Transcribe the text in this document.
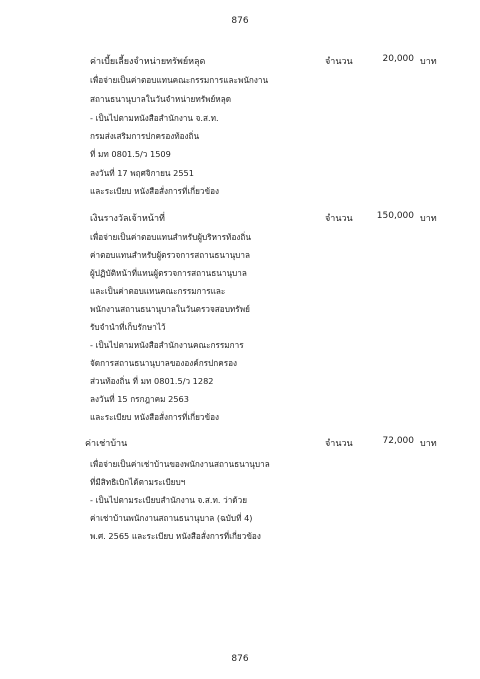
876
ค่าเบี้ยเลี้ยงจำหน่ายทรัพย์หลุด	จำนวน	20,000 บาท
เพื่อจ่ายเป็นค่าตอบแทนคณะกรรมการและพนักงาน
สถานธนานุบาลในวันจำหน่ายทรัพย์หลุด
- เป็นไปตามหนังสือสำนักงาน จ.ส.ท.
กรมส่งเสริมการปกครองท้องถิ่น
ที่ มท 0801.5/ว 1509
ลงวันที่ 17 พฤศจิกายน 2551
และระเบียบ หนังสือสั่งการที่เกี่ยวข้อง
เงินรางวัลเจ้าหน้าที่	จำนวน	150,000 บาท
เพื่อจ่ายเป็นค่าตอบแทนสำหรับผู้บริหารท้องถิ่น
ค่าตอบแทนสำหรับผู้ตรวจการสถานธนานุบาล
ผู้ปฏิบัติหน้าที่แทนผู้ตรวจการสถานธนานุบาล
และเป็นค่าตอบแทนคณะกรรมการและ
พนักงานสถานธนานุบาลในวันตรวจสอบทรัพย์
รับจำนำที่เก็บรักษาไว้
- เป็นไปตามหนังสือสำนักงานคณะกรรมการ
จัดการสถานธนานุบาลขององค์กรปกครอง
ส่วนท้องถิ่น ที่ มท 0801.5/ว 1282
ลงวันที่ 15 กรกฎาคม 2563
และระเบียบ หนังสือสั่งการที่เกี่ยวข้อง
ค่าเช่าบ้าน	จำนวน	72,000 บาท
เพื่อจ่ายเป็นค่าเช่าบ้านของพนักงานสถานธนานุบาล
ที่มีสิทธิเบิกได้ตามระเบียบฯ
- เป็นไปตามระเบียบสำนักงาน จ.ส.ท. ว่าด้วย
ค่าเช่าบ้านพนักงานสถานธนานุบาล (ฉบับที่ 4)
พ.ศ. 2565 และระเบียบ หนังสือสั่งการที่เกี่ยวข้อง
876
